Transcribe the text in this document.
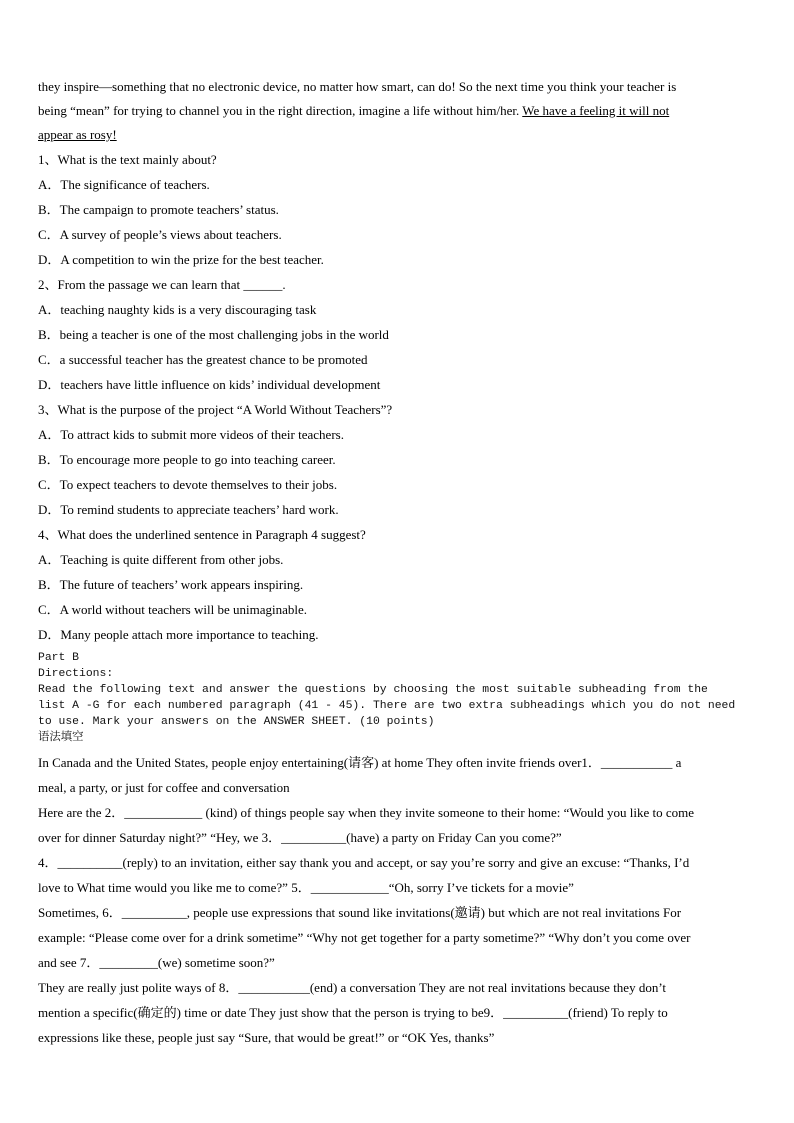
they inspire—something that no electronic device, no matter how smart, can do! So the next time you think your teacher is
being “mean” for trying to channel you in the right direction, imagine a life without him/her. We have a feeling it will not
appear as rosy!
1、What is the text mainly about?
A．The significance of teachers.
B．The campaign to promote teachers’ status.
C．A survey of people’s views about teachers.
D．A competition to win the prize for the best teacher.
2、From the passage we can learn that ______.
A．teaching naughty kids is a very discouraging task
B．being a teacher is one of the most challenging jobs in the world
C．a successful teacher has the greatest chance to be promoted
D．teachers have little influence on kids’ individual development
3、What is the purpose of the project “A World Without Teachers”?
A．To attract kids to submit more videos of their teachers.
B．To encourage more people to go into teaching career.
C．To expect teachers to devote themselves to their jobs.
D．To remind students to appreciate teachers’ hard work.
4、What does the underlined sentence in Paragraph 4 suggest?
A．Teaching is quite different from other jobs.
B．The future of teachers’ work appears inspiring.
C．A world without teachers will be unimaginable.
D．Many people attach more importance to teaching.
Part B
Directions:
Read the following text and answer the questions by choosing the most suitable subheading from the
list A -G for each numbered paragraph (41 - 45). There are two extra subheadings which you do not need
to use. Mark your answers on the ANSWER SHEET. (10 points)
语法填空
In Canada and the United States, people enjoy entertaining(请客) at home They often invite friends over1．___________ a
meal, a party, or just for coffee and conversation
Here are the 2．____________ (kind) of things people say when they invite someone to their home: “Would you like to come
over for dinner Saturday night?” “Hey, we 3．__________(have) a party on Friday Can you come?”
4．__________(reply) to an invitation, either say thank you and accept, or say you’re sorry and give an excuse: “Thanks, I’d
love to What time would you like me to come?” 5．____________“Oh, sorry I’ve tickets for a movie”
Sometimes, 6．__________, people use expressions that sound like invitations(邀请) but which are not real invitations For
example: “Please come over for a drink sometime” “Why not get together for a party sometime?” “Why don’t you come over
and see 7．_________(we) sometime soon?”
They are really just polite ways of 8．___________(end) a conversation They are not real invitations because they don’t
mention a specific(确定的) time or date They just show that the person is trying to be9．__________(friend) To reply to
expressions like these, people just say “Sure, that would be great!” or “OK Yes, thanks”
